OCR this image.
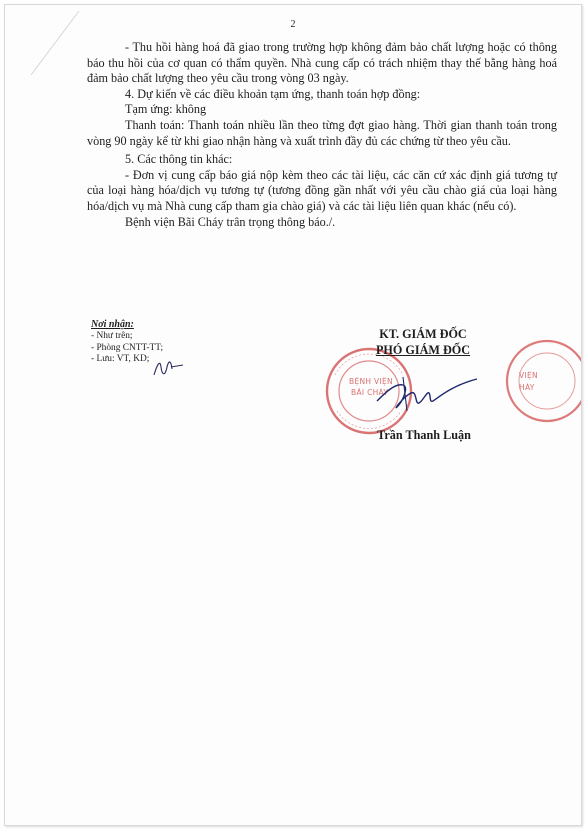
2

- Thu hồi hàng hoá đã giao trong trường hợp không đảm bảo chất lượng hoặc có thông báo thu hồi của cơ quan có thẩm quyền. Nhà cung cấp có trách nhiệm thay thế bằng hàng hoá đảm bảo chất lượng theo yêu cầu trong vòng 03 ngày.

4. Dự kiến về các điều khoản tạm ứng, thanh toán hợp đồng:

Tạm ứng: không

Thanh toán: Thanh toán nhiều lần theo từng đợt giao hàng. Thời gian thanh toán trong vòng 90 ngày kể từ khi giao nhận hàng và xuất trình đầy đủ các chứng từ theo yêu cầu.

5. Các thông tin khác:

- Đơn vị cung cấp báo giá nộp kèm theo các tài liệu, các căn cứ xác định giá tương tự của loại hàng hóa/dịch vụ tương tự (tương đồng gần nhất với yêu cầu chào giá của loại hàng hóa/dịch vụ mà Nhà cung cấp tham gia chào giá) và các tài liệu liên quan khác (nếu có).

Bệnh viện Bãi Cháy trân trọng thông báo./.

Nơi nhận:
- Như trên;
- Phòng CNTT-TT;
- Lưu: VT, KD;
BỆNH VIỆN
BÃI CHÁY
VIỆN
HÁY
KT. GIÁM ĐỐC
PHÓ GIÁM ĐỐC
Trần Thanh Luận
